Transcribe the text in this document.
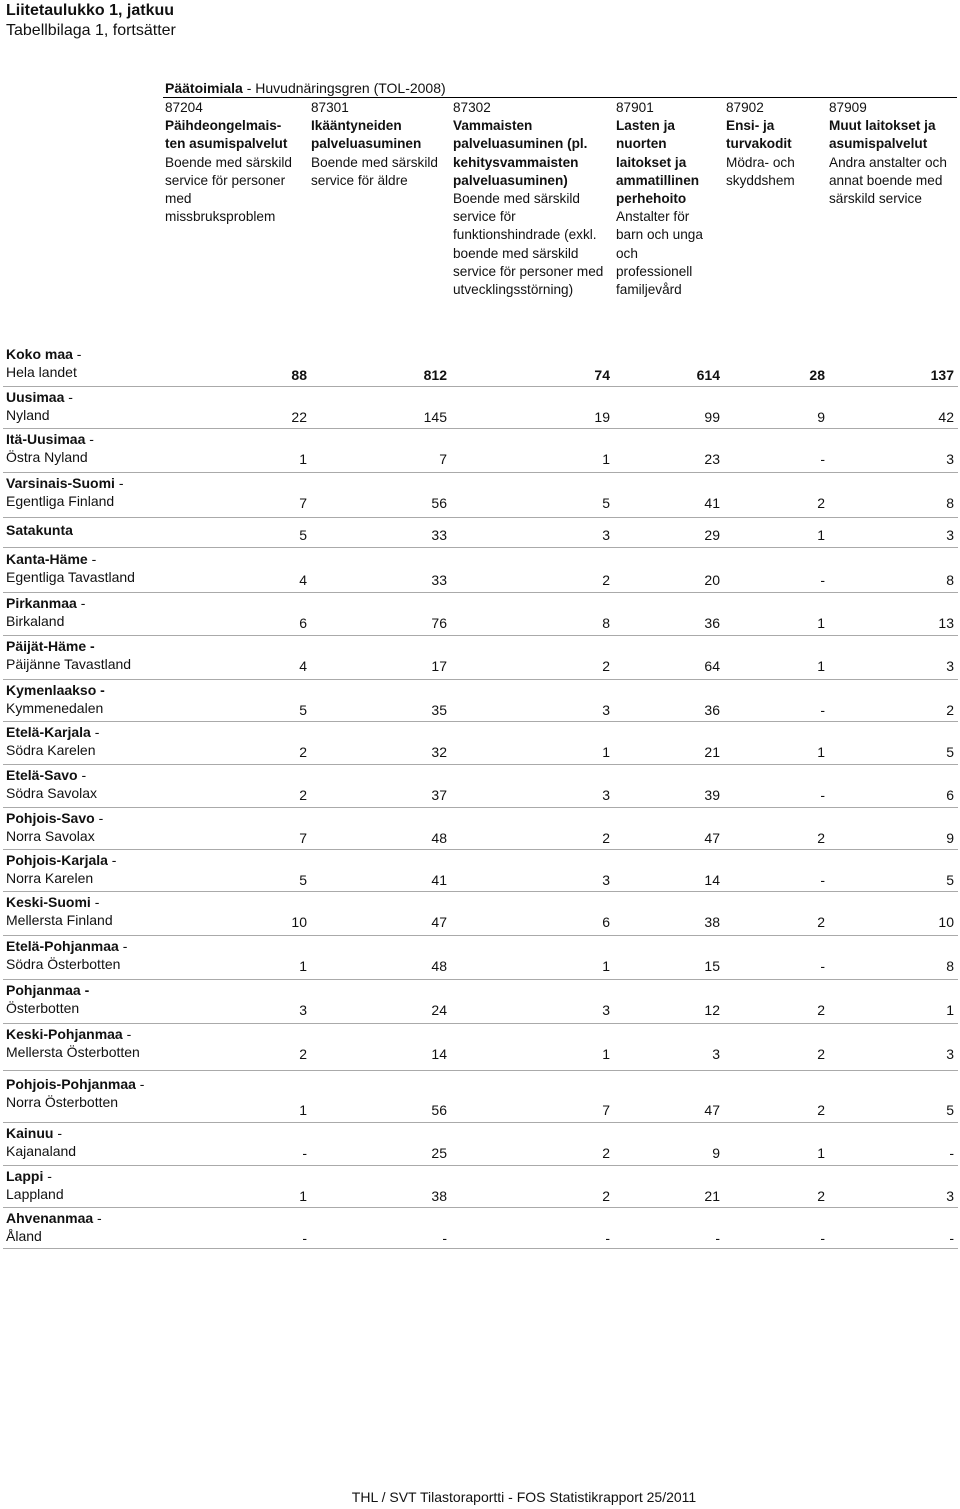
Liitetaulukko 1, jatkuu
Tabellbilaga 1, fortsätter
Päätoimiala - Huvudnäringsgren (TOL-2008)
87204
Päihdeongelmais-
ten asumispalvelut
Boende med särskild
service för personer
med
missbruksproblem
87301
Ikääntyneiden
palveluasuminen
Boende med särskild
service för äldre
87302
Vammaisten
palveluasuminen (pl.
kehitysvammaisten
palveluasuminen)
Boende med särskild
service för
funktionshindrade (exkl.
boende med särskild
service för personer med
utvecklingsstörning)
87901
Lasten ja
nuorten
laitokset ja
ammatillinen
perhehoito
Anstalter för
barn och unga
och
professionell
familjevård
87902
Ensi- ja
turvakodit
Mödra- och
skyddshem
87909
Muut laitokset ja
asumispalvelut
Andra anstalter och
annat boende med
särskild service
Koko maa -
Hela landet	88	812	74	614	28	137
Uusimaa -
Nyland	22	145	19	99	9	42
Itä-Uusimaa -
Östra Nyland	1	7	1	23	-	3
Varsinais-Suomi -
Egentliga Finland	7	56	5	41	2	8
Satakunta	5	33	3	29	1	3
Kanta-Häme -
Egentliga Tavastland	4	33	2	20	-	8
Pirkanmaa -
Birkaland	6	76	8	36	1	13
Päijät-Häme -
Päijänne Tavastland	4	17	2	64	1	3
Kymenlaakso -
Kymmenedalen	5	35	3	36	-	2
Etelä-Karjala -
Södra Karelen	2	32	1	21	1	5
Etelä-Savo -
Södra Savolax	2	37	3	39	-	6
Pohjois-Savo -
Norra Savolax	7	48	2	47	2	9
Pohjois-Karjala -
Norra Karelen	5	41	3	14	-	5
Keski-Suomi -
Mellersta Finland	10	47	6	38	2	10
Etelä-Pohjanmaa -
Södra Österbotten	1	48	1	15	-	8
Pohjanmaa -
Österbotten	3	24	3	12	2	1
Keski-Pohjanmaa -
Mellersta Österbotten	2	14	1	3	2	3
Pohjois-Pohjanmaa -
Norra Österbotten	1	56	7	47	2	5
Kainuu -
Kajanaland	-	25	2	9	1	-
Lappi -
Lappland	1	38	2	21	2	3
Ahvenanmaa -
Åland	-	-	-	-	-	-
THL / SVT Tilastoraportti - FOS Statistikrapport 25/2011
